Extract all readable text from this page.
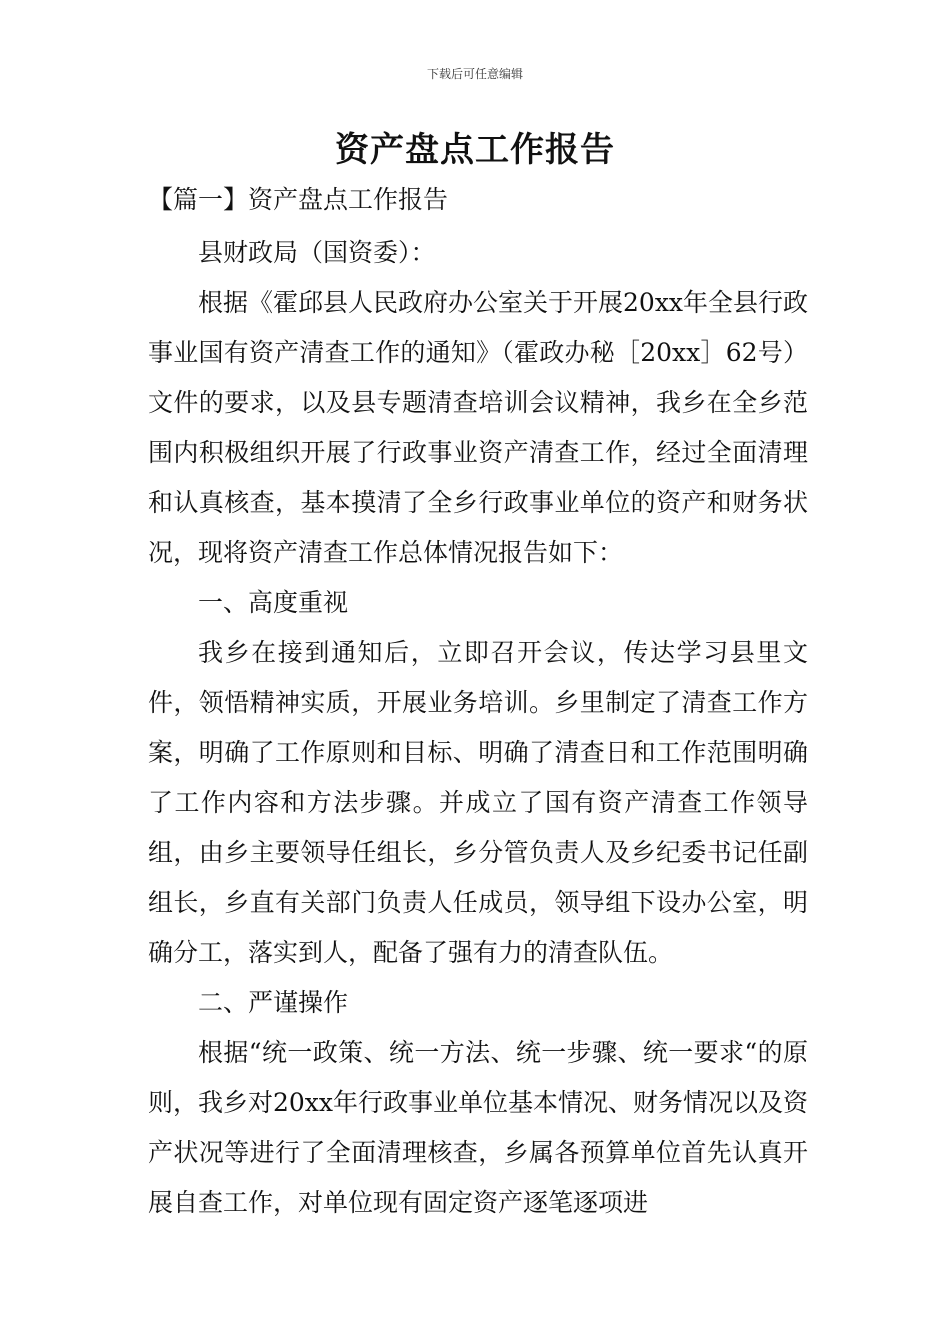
下载后可任意编辑
资产盘点工作报告
【篇一】资产盘点工作报告

县财政局（国资委）：

根据《霍邱县人民政府办公室关于开展20xx年全县行政事业国有资产清查工作的通知》（霍政办秘［20xx］62号）文件的要求，以及县专题清查培训会议精神，我乡在全乡范围内积极组织开展了行政事业资产清查工作，经过全面清理和认真核查，基本摸清了全乡行政事业单位的资产和财务状况，现将资产清查工作总体情况报告如下：

一、高度重视

我乡在接到通知后，立即召开会议，传达学习县里文件，领悟精神实质，开展业务培训。乡里制定了清查工作方案，明确了工作原则和目标、明确了清查日和工作范围明确了工作内容和方法步骤。并成立了国有资产清查工作领导组，由乡主要领导任组长，乡分管负责人及乡纪委书记任副组长，乡直有关部门负责人任成员，领导组下设办公室，明确分工，落实到人，配备了强有力的清查队伍。

二、严谨操作

根据“统一政策、统一方法、统一步骤、统一要求“的原则，我乡对20xx年行政事业单位基本情况、财务情况以及资产状况等进行了全面清理核查，乡属各预算单位首先认真开展自查工作，对单位现有固定资产逐笔逐项进
